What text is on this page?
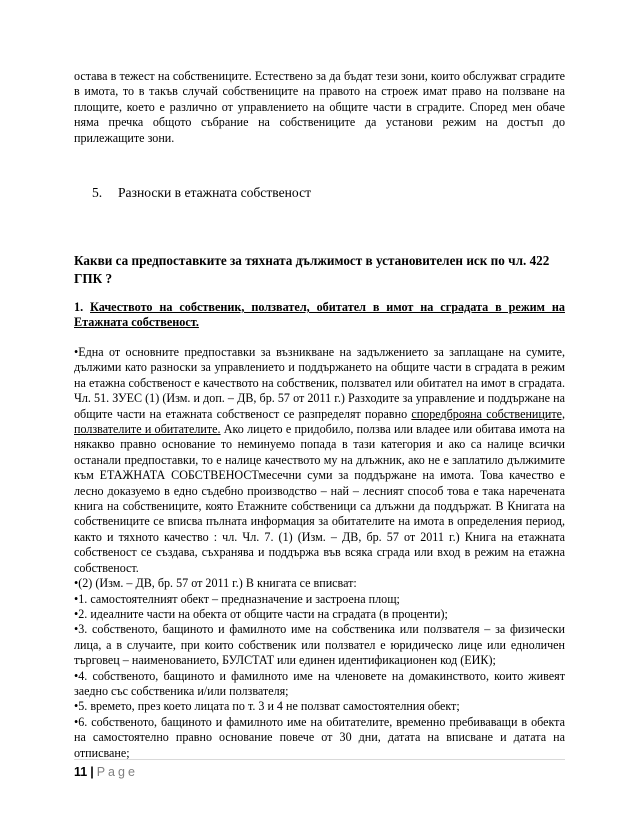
остава в тежест на собствениците. Естествено за да бъдат тези зони, които обслужват сградите в имота, то в такъв случай собствениците на правото на строеж имат право на ползване на площите, което е различно от управлението на общите части в сградите. Според мен обаче няма пречка общото събрание на собствениците да установи режим на достъп до прилежащите зони.
5. Разноски в етажната собственост
Какви са предпоставките за тяхната дължимост в установителен иск по чл. 422 ГПК ?
1. Качеството на собственик, ползвател, обитател в имот на сградата в режим на Етажната собственост.

•Една от основните предпоставки за възникване на задължението за заплащане на сумите, дължими като разноски за управлението и поддържането на общите части в сградата в режим на етажна собственост е качеството на собственик, ползвател или обитател на имот в сградата. Чл. 51. ЗУЕС (1) (Изм. и доп. – ДВ, бр. 57 от 2011 г.) Разходите за управление и поддържане на общите части на етажната собственост се разпределят поравно споредброяна собствениците, ползвателите и обитателите. Ако лицето е придобило, ползва или владее или обитава имота на някакво правно основание то неминуемо попада в тази категория и ако са налице всички останали предпоставки, то е налице качеството му на длъжник, ако не е заплатило дължимите към ЕТАЖНАТА СОБСТВЕНОСТмесечни суми за поддържане на имота. Това качество е лесно доказуемо в едно съдебно производство – най – лесният способ това е така наречената книга на собствениците, която Етажните собственици са длъжни да поддържат. В Книгата на собствениците се вписва пълната информация за обитателите на имота в определения период, както и тяхното качество : чл. Чл. 7. (1) (Изм. – ДВ, бр. 57 от 2011 г.) Книга на етажната собственост се създава, съхранява и поддържа във всяка сграда или вход в режим на етажна собственост.

•(2) (Изм. – ДВ, бр. 57 от 2011 г.) В книгата се вписват:

•1. самостоятелният обект – предназначение и застроена площ;

•2. идеалните части на обекта от общите части на сградата (в проценти);

•3. собственото, бащиното и фамилното име на собственика или ползвателя – за физически лица, а в случаите, при които собственик или ползвател е юридическо лице или едноличен търговец – наименованието, БУЛСТАТ или единен идентификационен код (ЕИК);

•4. собственото, бащиното и фамилното име на членовете на домакинството, които живеят заедно със собственика и/или ползвателя;

•5. времето, през което лицата по т. 3 и 4 не ползват самостоятелния обект;

•6. собственото, бащиното и фамилното име на обитателите, временно пребиваващи в обекта на самостоятелно правно основание повече от 30 дни, датата на вписване и датата на отписване;

11 | Page
